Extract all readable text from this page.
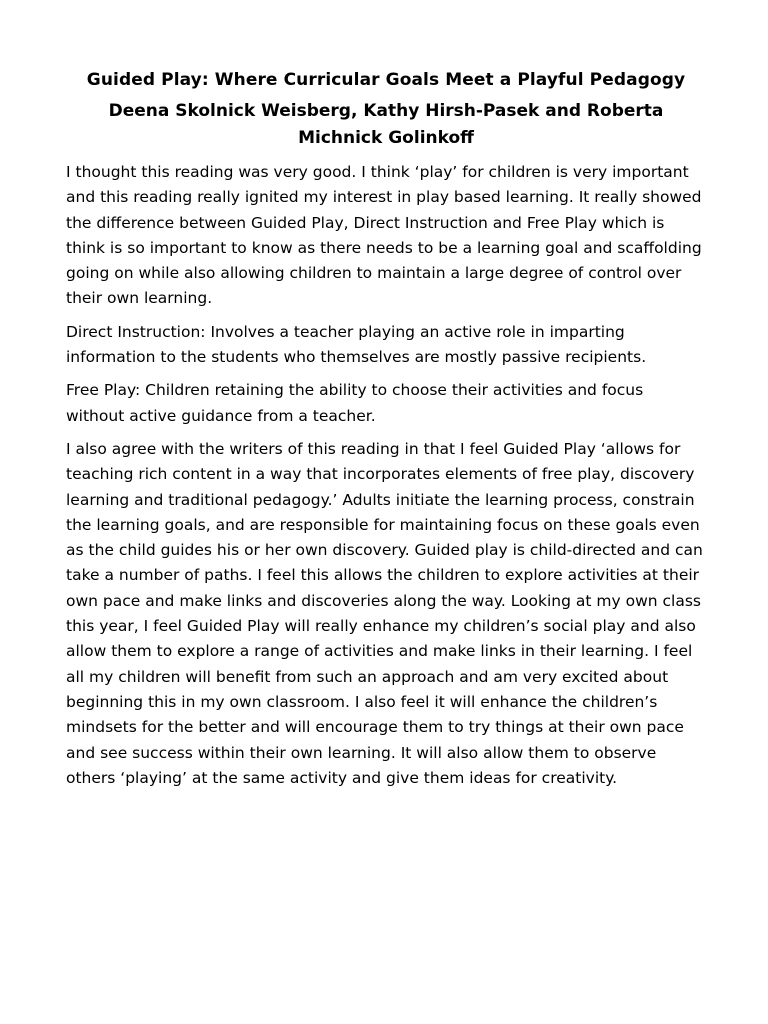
Guided Play: Where Curricular Goals Meet a Playful Pedagogy
Deena Skolnick Weisberg, Kathy Hirsh-Pasek and Roberta Michnick Golinkoff

I thought this reading was very good. I think ‘play’ for children is very important and this reading really ignited my interest in play based learning. It really showed the difference between Guided Play, Direct Instruction and Free Play which is think is so important to know as there needs to be a learning goal and scaffolding going on while also allowing children to maintain a large degree of control over their own learning.

Direct Instruction: Involves a teacher playing an active role in imparting information to the students who themselves are mostly passive recipients.

Free Play: Children retaining the ability to choose their activities and focus without active guidance from a teacher.

I also agree with the writers of this reading in that I feel Guided Play ‘allows for teaching rich content in a way that incorporates elements of free play, discovery learning and traditional pedagogy.’ Adults initiate the learning process, constrain the learning goals, and are responsible for maintaining focus on these goals even as the child guides his or her own discovery. Guided play is child-directed and can take a number of paths. I feel this allows the children to explore activities at their own pace and make links and discoveries along the way. Looking at my own class this year, I feel Guided Play will really enhance my children’s social play and also allow them to explore a range of activities and make links in their learning. I feel all my children will benefit from such an approach and am very excited about beginning this in my own classroom. I also feel it will enhance the children’s mindsets for the better and will encourage them to try things at their own pace and see success within their own learning. It will also allow them to observe others ‘playing’ at the same activity and give them ideas for creativity.
